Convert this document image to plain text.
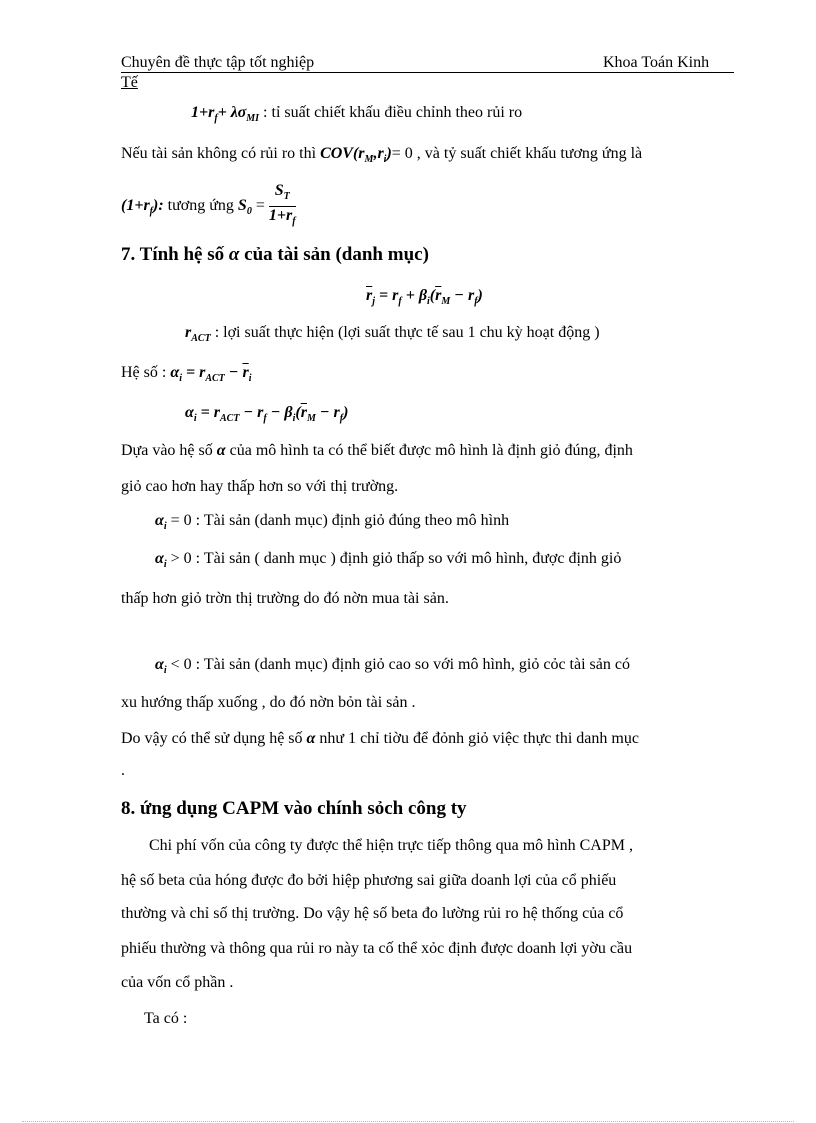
Chuyên đề thực tập tốt nghiệp	Khoa Toán Kinh
Tế
$1+r_f+ \lambda\sigma_{MI}$ : tỉ suất chiết khấu điều chỉnh theo rủi ro
Nếu tài sản không có rủi ro thì $COV(r_M,r_i)= 0$ , và tỷ suất chiết khấu tương ứng là
$(1+r_f)$: tương ứng $S_0 = \frac{S_T}{1+r_f}$
7. Tính hệ số α của tài sản (danh mục)
$\overline{r}_j = r_f + \beta_i(\overline{r}_M - r_f)$
$r_{ACT}$ : lợi suất thực hiện (lợi suất thực tế sau 1 chu kỳ hoạt động )
Hệ số : $\alpha_i = r_{ACT} - \overline{r}_i$
$\alpha_i = r_{ACT} - r_f - \beta_i(\overline{r}_M - r_f)$
Dựa vào hệ số α của mô hình ta có thể biết được mô hình là định giỏ đúng, định
giỏ cao hơn hay thấp hơn so với thị trường.
$\alpha_i = 0$ : Tài sản (danh mục) định giỏ đúng theo mô hình
$\alpha_i > 0$ : Tài sản ( danh mục ) định giỏ thấp so với mô hình, được định giỏ
thấp hơn giỏ trờn thị trường do đó nờn mua tài sản.
$\alpha_i < 0$ : Tài sản (danh mục) định giỏ cao so với mô hình, giỏ cỏc tài sản có
xu hướng thấp xuống , do đó nờn bỏn tài sản .
Do vậy có thể sử dụng hệ số α như 1 chỉ tiờu để đỏnh giỏ việc thực thi danh mục
.
8. ứng dụng CAPM vào chính sỏch công ty
Chi phí vốn của công ty được thể hiện trực tiếp thông qua mô hình CAPM ,
hệ số beta của hóng được đo bởi hiệp phương sai giữa doanh lợi của cổ phiếu
thường và chỉ số thị trường. Do vậy hệ số beta đo lường rủi ro hệ thống của cổ
phiếu thường và thông qua rủi ro này ta cố thể xỏc định được doanh lợi yờu cầu
của vốn cổ phần .
Ta có :
